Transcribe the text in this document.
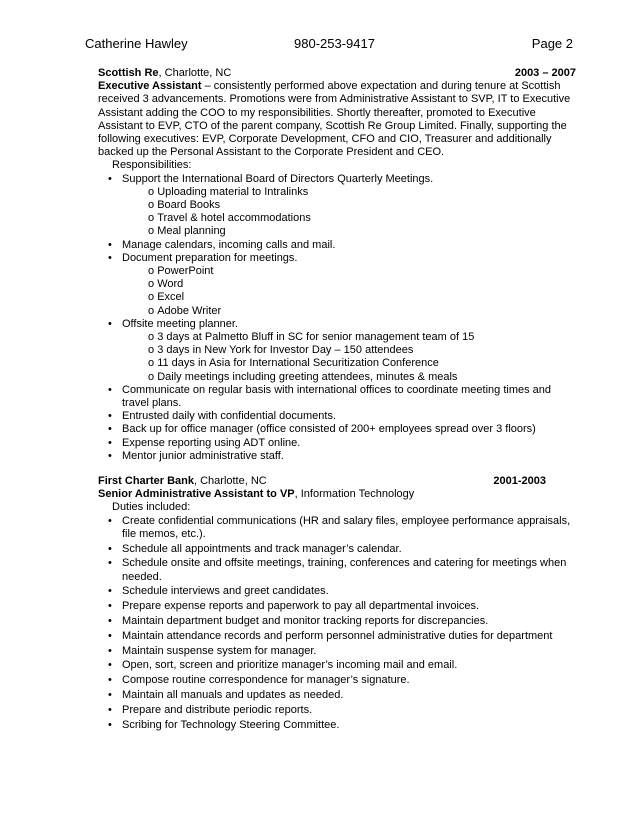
Catherine Hawley	980-253-9417	Page 2
Scottish Re, Charlotte, NC	2003 – 2007

Executive Assistant – consistently performed above expectation and during tenure at Scottish received 3 advancements. Promotions were from Administrative Assistant to SVP, IT to Executive Assistant adding the COO to my responsibilities. Shortly thereafter, promoted to Executive Assistant to EVP, CTO of the parent company, Scottish Re Group Limited. Finally, supporting the following executives: EVP, Corporate Development, CFO and CIO, Treasurer and additionally backed up the Personal Assistant to the Corporate President and CEO.

Responsibilities:
• Support the International Board of Directors Quarterly Meetings.
o Uploading material to Intralinks
o Board Books
o Travel & hotel accommodations
o Meal planning
• Manage calendars, incoming calls and mail.
• Document preparation for meetings.
o PowerPoint
o Word
o Excel
o Adobe Writer
• Offsite meeting planner.
o 3 days at Palmetto Bluff in SC for senior management team of 15
o 3 days in New York for Investor Day – 150 attendees
o 11 days in Asia for International Securitization Conference
o Daily meetings including greeting attendees, minutes & meals
• Communicate on regular basis with international offices to coordinate meeting times and travel plans.
• Entrusted daily with confidential documents.
• Back up for office manager (office consisted of 200+ employees spread over 3 floors)
• Expense reporting using ADT online.
• Mentor junior administrative staff.
First Charter Bank, Charlotte, NC	2001-2003

Senior Administrative Assistant to VP, Information Technology

Duties included:
• Create confidential communications (HR and salary files, employee performance appraisals, file memos, etc.).
• Schedule all appointments and track manager’s calendar.
• Schedule onsite and offsite meetings, training, conferences and catering for meetings when needed.
• Schedule interviews and greet candidates.
• Prepare expense reports and paperwork to pay all departmental invoices.
• Maintain department budget and monitor tracking reports for discrepancies.
• Maintain attendance records and perform personnel administrative duties for department
• Maintain suspense system for manager.
• Open, sort, screen and prioritize manager’s incoming mail and email.
• Compose routine correspondence for manager’s signature.
• Maintain all manuals and updates as needed.
• Prepare and distribute periodic reports.
• Scribing for Technology Steering Committee.
